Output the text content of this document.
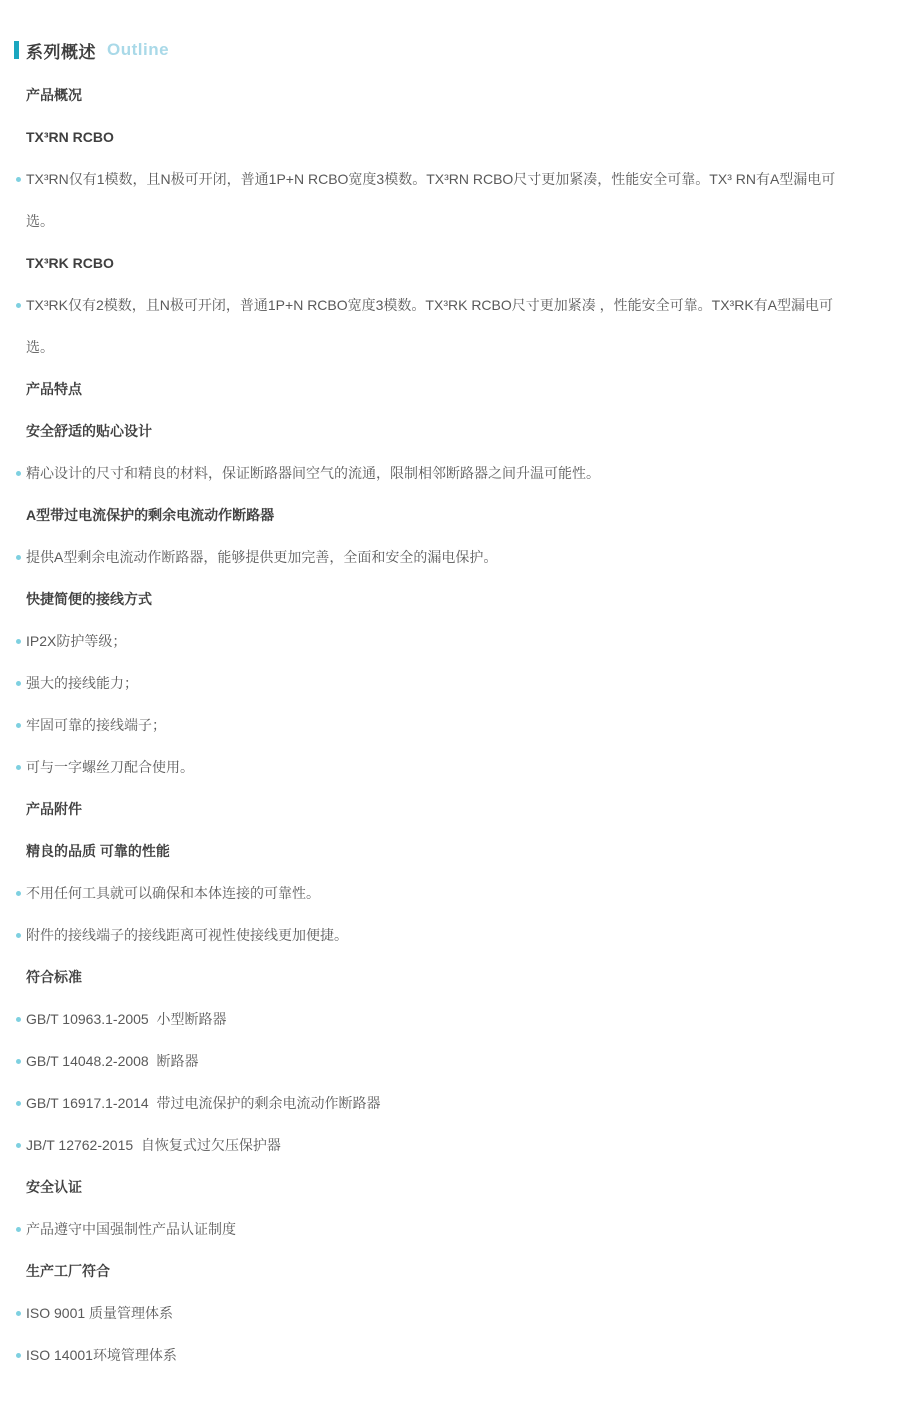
系列概述 Outline
产品概况
TX³RN RCBO
TX³RN仅有1模数，且N极可开闭，普通1P+N RCBO宽度3模数。TX³RN RCBO尺寸更加紧凑，性能安全可靠。TX³ RN有A型漏电可选。
TX³RK RCBO
TX³RK仅有2模数，且N极可开闭，普通1P+N RCBO宽度3模数。TX³RK RCBO尺寸更加紧凑 ，性能安全可靠。TX³RK有A型漏电可选。
产品特点
安全舒适的贴心设计
精心设计的尺寸和精良的材料，保证断路器间空气的流通，限制相邻断路器之间升温可能性。
A型带过电流保护的剩余电流动作断路器
提供A型剩余电流动作断路器，能够提供更加完善，全面和安全的漏电保护。
快捷简便的接线方式
IP2X防护等级；
强大的接线能力；
牢固可靠的接线端子；
可与一字螺丝刀配合使用。
产品附件
精良的品质 可靠的性能
不用任何工具就可以确保和本体连接的可靠性。
附件的接线端子的接线距离可视性使接线更加便捷。
符合标准
GB/T 10963.1-2005  小型断路器
GB/T 14048.2-2008  断路器
GB/T 16917.1-2014  带过电流保护的剩余电流动作断路器
JB/T 12762-2015  自恢复式过欠压保护器
安全认证
产品遵守中国强制性产品认证制度
生产工厂符合
ISO 9001 质量管理体系
ISO 14001环境管理体系
